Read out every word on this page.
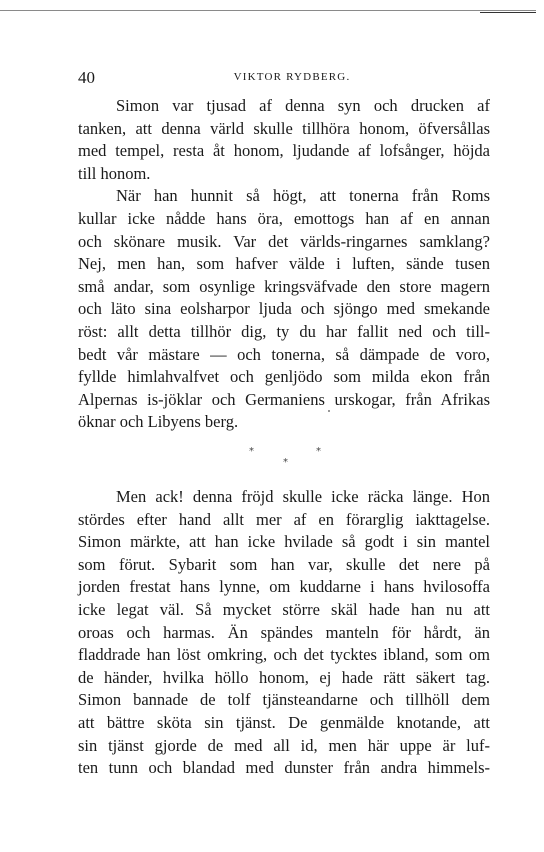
40	VIKTOR RYDBERG.
Simon var tjusad af denna syn och drucken af
tanken, att denna värld skulle tillhöra honom, öfversållas
med tempel, resta åt honom, ljudande af lofsånger, höjda
till honom.
När han hunnit så högt, att tonerna från Roms
kullar icke nådde hans öra, emottogs han af en annan
och skönare musik. Var det världs-ringarnes samklang?
Nej, men han, som hafver välde i luften, sände tusen
små andar, som osynlige kringsväfvade den store magern
och läto sina eolsharpor ljuda och sjöngo med smekande
röst: allt detta tillhör dig, ty du har fallit ned och till-
bedt vår mästare — och tonerna, så dämpade de voro,
fyllde himlahvalfvet och genljödo som milda ekon från
Alpernas is-jöklar och Germaniens urskogar, från Afrikas
öknar och Libyens berg.
*
*
*
Men ack! denna fröjd skulle icke räcka länge. Hon
stördes efter hand allt mer af en förarglig iakttagelse.
Simon märkte, att han icke hvilade så godt i sin mantel
som förut. Sybarit som han var, skulle det nere på
jorden frestat hans lynne, om kuddarne i hans hvilosoffa
icke legat väl. Så mycket större skäl hade han nu att
oroas och harmas. Än spändes manteln för hårdt, än
fladdrade han löst omkring, och det tycktes ibland, som om
de händer, hvilka höllo honom, ej hade rätt säkert tag.
Simon bannade de tolf tjänsteandarne och tillhöll dem
att bättre sköta sin tjänst. De genmälde knotande, att
sin tjänst gjorde de med all id, men här uppe är luf-
ten tunn och blandad med dunster från andra himmels-
